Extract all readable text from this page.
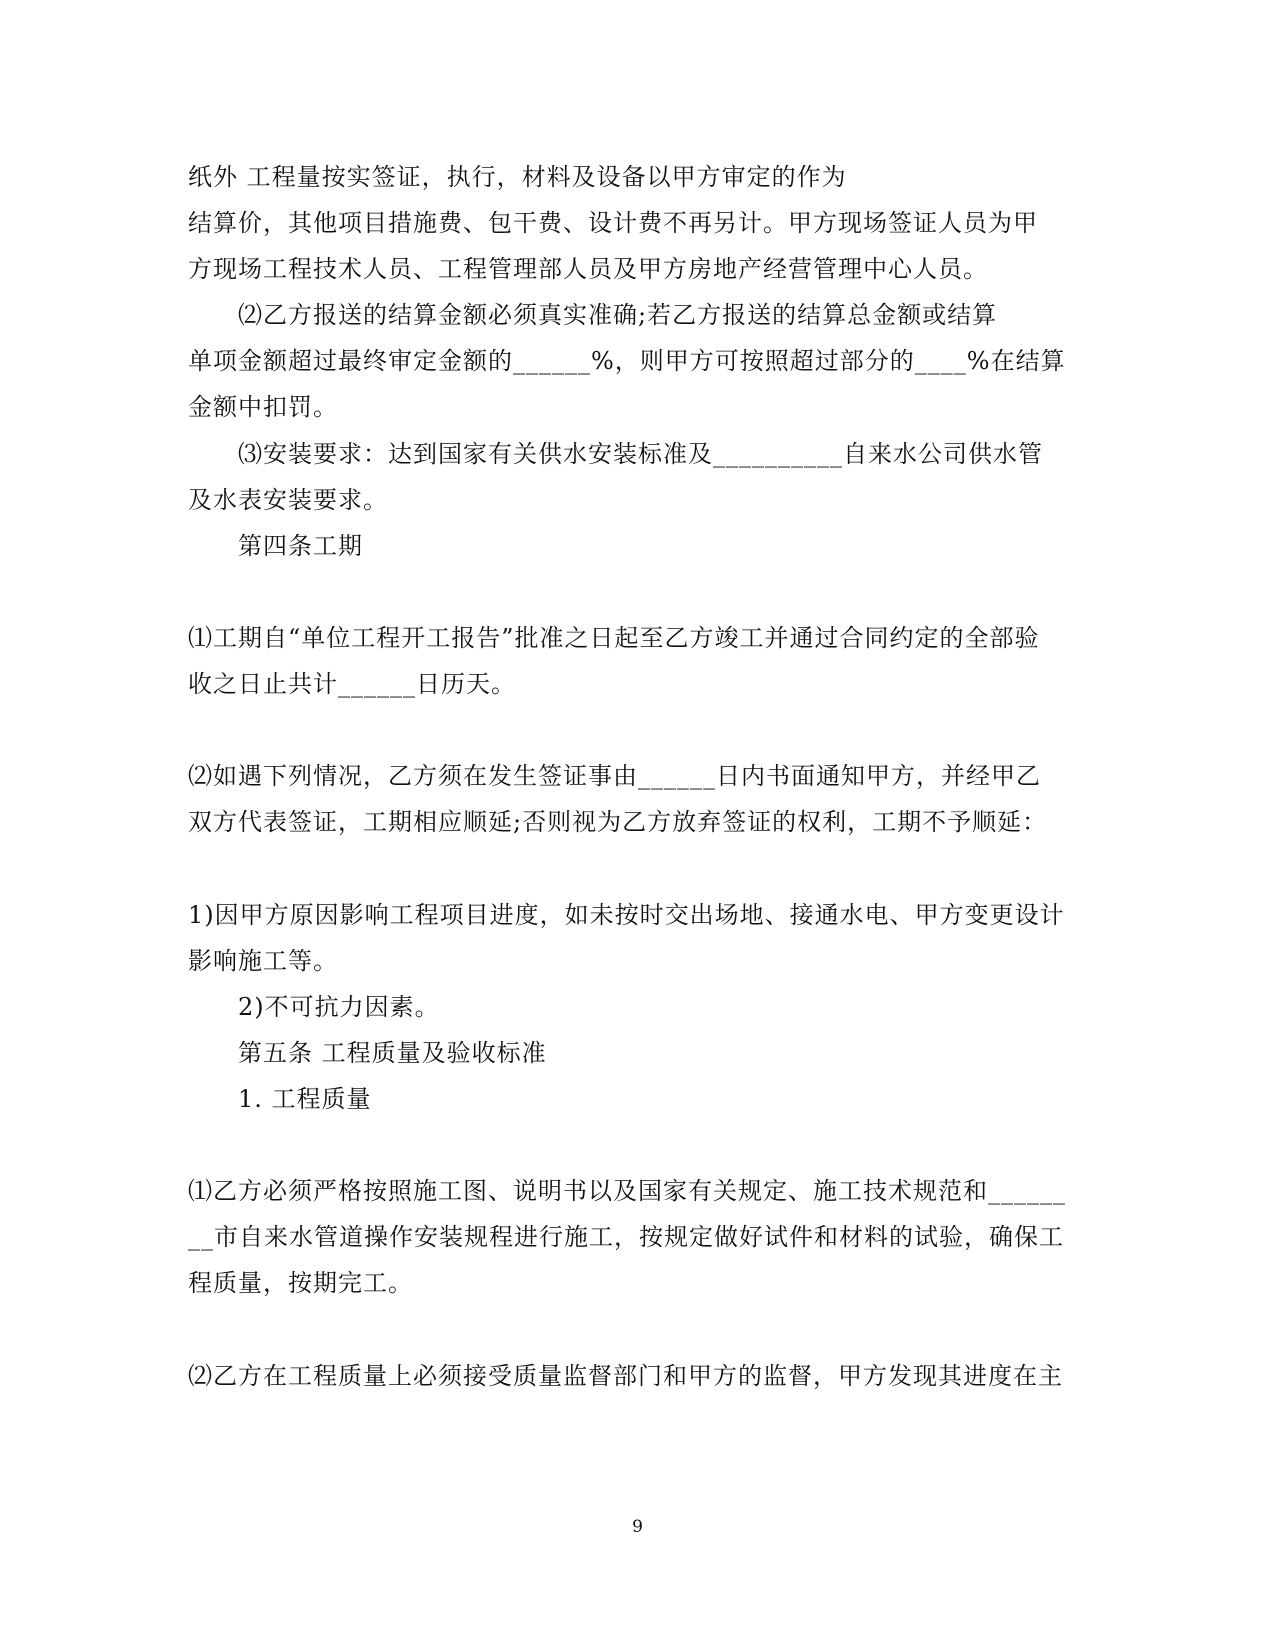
纸外 工程量按实签证，执行，材料及设备以甲方审定的作为
结算价，其他项目措施费、包干费、设计费不再另计。甲方现场签证人员为甲
方现场工程技术人员、工程管理部人员及甲方房地产经营管理中心人员。
⑵乙方报送的结算金额必须真实准确;若乙方报送的结算总金额或结算
单项金额超过最终审定金额的______%，则甲方可按照超过部分的____%在结算
金额中扣罚。
⑶安装要求：达到国家有关供水安装标准及__________自来水公司供水管
及水表安装要求。
第四条工期
⑴工期自“单位工程开工报告”批准之日起至乙方竣工并通过合同约定的全部验
收之日止共计______日历天。
⑵如遇下列情况，乙方须在发生签证事由______日内书面通知甲方，并经甲乙
双方代表签证，工期相应顺延;否则视为乙方放弃签证的权利，工期不予顺延：
1)因甲方原因影响工程项目进度，如未按时交出场地、接通水电、甲方变更设计
影响施工等。
2)不可抗力因素。
第五条 工程质量及验收标准
1. 工程质量
⑴乙方必须严格按照施工图、说明书以及国家有关规定、施工技术规范和______
__市自来水管道操作安装规程进行施工，按规定做好试件和材料的试验，确保工
程质量，按期完工。
⑵乙方在工程质量上必须接受质量监督部门和甲方的监督，甲方发现其进度在主
9
